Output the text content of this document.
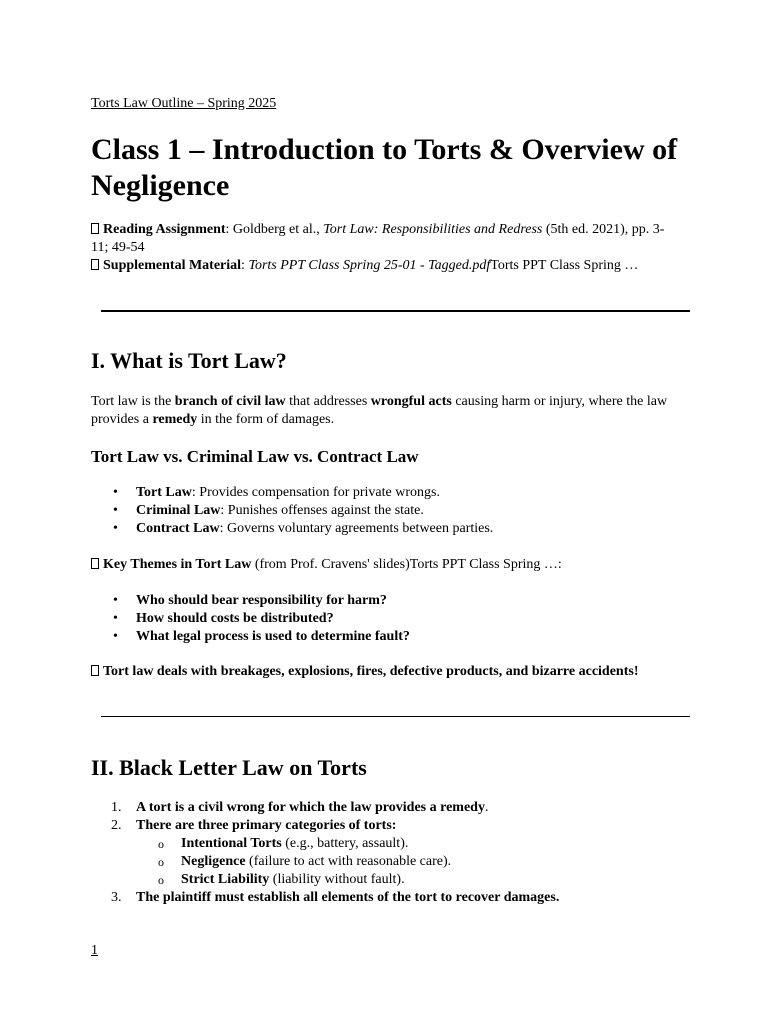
Torts Law Outline – Spring 2025
Class 1 – Introduction to Torts & Overview of Negligence

Reading Assignment: Goldberg et al., Tort Law: Responsibilities and Redress (5th ed. 2021), pp. 3-11; 49-54
Supplemental Material: Torts PPT Class Spring 25-01 - Tagged.pdfTorts PPT Class Spring …

I. What is Tort Law?

Tort law is the branch of civil law that addresses wrongful acts causing harm or injury, where the law provides a remedy in the form of damages.

Tort Law vs. Criminal Law vs. Contract Law
• Tort Law: Provides compensation for private wrongs.
• Criminal Law: Punishes offenses against the state.
• Contract Law: Governs voluntary agreements between parties.

Key Themes in Tort Law (from Prof. Cravens' slides)Torts PPT Class Spring …:

• Who should bear responsibility for harm?
• How should costs be distributed?
• What legal process is used to determine fault?

Tort law deals with breakages, explosions, fires, defective products, and bizarre accidents!

II. Black Letter Law on Torts
1. A tort is a civil wrong for which the law provides a remedy.
2. There are three primary categories of torts:
o Intentional Torts (e.g., battery, assault).
o Negligence (failure to act with reasonable care).
o Strict Liability (liability without fault).
3. The plaintiff must establish all elements of the tort to recover damages.
1
